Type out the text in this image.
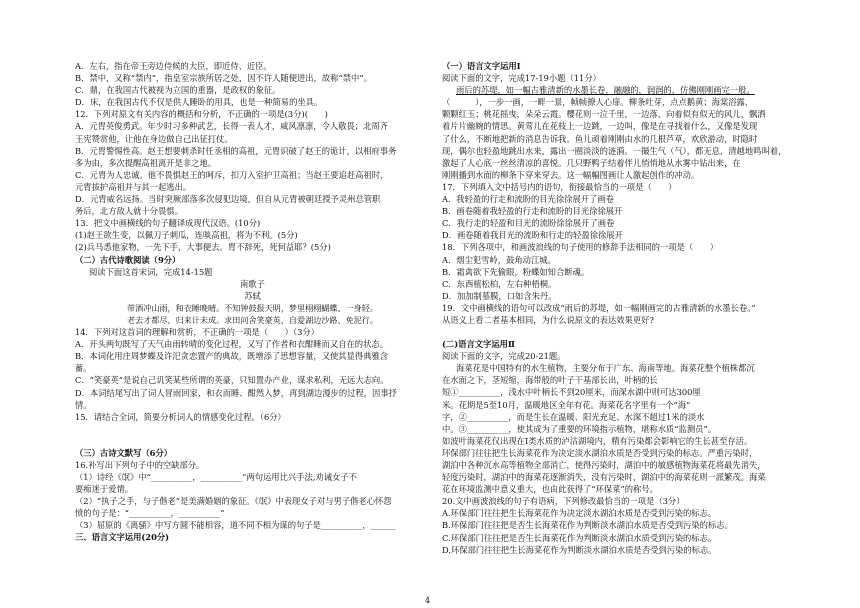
A．左右，指在帝王旁边侍候的大臣，即近侍、近臣。
B．禁中，又称“禁内”，指皇室宗族所居之处，因不许人随便进出，故称“禁中”。
C．鼎，在我国古代被视为立国的重器，是政权的象征。
D．床，在我国古代不仅是供人睡卧的用具，也是一种简易的坐具。
12．下列对原文有关内容的概括和分析，不正确的一项是(3分)(　　)
A．元胄英俊勇武。年少时习多种武艺，长得一表人才，威风凛凛，令人敬畏；北周齐
王宪赞赏他，让他在身边做自己出征打仗。
B．元胄警惕性高。赵王想要刺杀时任丞相的高祖，元胄识破了赵王的诡计，以相府事务
多为由，多次提醒高祖离开是非之地。
C．元胄为人忠诚。他不畏惧赵王的呵斥，扣刀入室护卫高祖；当赵王要追赶高祖时，
元胄拔护高祖并与其一起逃出。
D．元胄威名远扬。当时突厥部落多次侵犯边境，但自从元胄被朝廷授予灵州总管职
务后，北方敌人就十分畏惧。
13．把文中画横线的句子翻译成现代汉语。(10分)
(1)赵王欲生变，以佩刀子刺瓜，连啖高祖，将为不利。(5分)
(2)兵马悉他家物，一先下手，大事便去。胄不辞死，死何益耶？(5分)
（二）古代诗歌阅读（9分）
阅读下面这首宋词，完成14-15题
南歌子
苏轼
带酒冲山雨，和衣睡晚晴。不知钟鼓报天明，梦里栩栩蝴蝶、一身轻。
老去才都尽，归来计未成。求田问舍笑豪英，自爱湖边沙路、免泥行。
14．下列对这首词的理解和赏析，不正确的一项是（　　）（3分）
A．开头两句既写了天气由雨转晴的变化过程，又写了作者和衣酣睡而又自在的状态。
B．本词化用庄周梦蝶及许汜贪恋置产的典故，既增添了思想容量，又使其显得典雅含
蓄。
C．“笑豪英”是说自己讥笑某些所谓的英豪，只知置办产业，谋求私利，无远大志向。
D．本词结尾写出了词人冒雨回家、和衣而睡、酣然入梦，再到湖边漫步的过程，因事抒
情。
15．请结合全词，简要分析词人的情感变化过程。（6分）
（三）古诗文默写（6分）
16.补写出下列句子中的空缺部分。
（1）诗经《氓》中“__________，__________”两句运用比兴手法,劝诫女子不
要痴迷于爱情。
（2）“执子之手，与子偕老”是美满婚姻的象征。《氓》中表现女子对与男子偕老心怀怨
愤的句子是：“__________，__________”
（3）屈原的《离骚》中写方圆不能相容，道不同不相为谋的句子是__________，______
三、语言文字运用(20分)
（一）语言文字运用Ⅰ
阅读下面的文字，完成17-19小题（11分）
雨后的苏堤，如一幅古雅清新的水墨长卷，融融的，润润的，仿佛刚刚画完一般。
（　　　），一步一画，一畔一景，帧帧撩人心扉。柳条吐芽，点点鹅黄；海棠浴露，
颗颗红玉；桃花摇曳，朵朵云霞。樱花则一泣千里，一边落，向着似有似无的风儿，飘洒
着片片幽婉的情思。黄莺儿在花枝上一边跳，一边叫，像是在寻找着什么，又像是发现
了什么，不断地把新的消息告诉我。鱼儿顽着刚刚由水的几根芦草，欢欣游动，时隐时
现，偶尔也轻盈地跳出水来，露出一圈淡淡的涟漪。一撮生气（气），都无息，清越地鸣叫着，
激起了人心底一丝丝清凉的喜悦。几只野鸭子结着伴儿悄悄地从水雾中钻出来，在
刚刚播到水面的柳条下穿来穿去。这一幅幅图画让人激起创作的冲动。
17．下列填入文中括号内的语句，衔接最恰当的一项是（　　）
A．我轻盈的行走和流盼的目光徐徐展开了画卷
B．画卷随着我轻盈的行走和流盼的目光徐徐展开
C．我行走的轻盈和目光的流盼徐徐展开了画卷
D．画卷随着我目光的流盼和行走的轻盈徐徐展开
18．下列各项中，和画波浪线的句子使用的修辞手法相同的一项是（　　）
A．烟尘犯雪岭，鼓角动江城。
B．霜禽欲下先偷眼，粉蝶如知合断魂。
C．东西植松柏，左右种梧桐。
D．加加制墓膜，口如含朱丹。
19．文中画横线的语句可以改成“雨后的苏堤，如一幅刚画完的古雅清新的水墨长卷。”
从语义上看二者基本相同，为什么说原文的表达效果更好?
(二)语言文字运用Ⅱ
阅读下面的文字，完成20-21题。
海菜花是中国特有的水生植物，主要分布于广东、海南等地。海菜花整个植株都沉
在水面之下，茎短缩，海带般的叶子干基部长出，叶柄的长
短①__________，浅水中叶柄长不到20厘米，而深水湖中则可达300厘
米。花期是5至10月，温暖地区全年有花。海菜花名字里有一个“海”
字，②__________，而是生长在温暖、阳光充足、水深不超过1米的淡水
中。③__________，使其成为了重要的环境指示植物，堪称水质“监测员”。
如波叶海菜花仅出现在Ⅰ类水质的泸沽湖境内，精有污染都会影响它的生长甚至存活。
环保部门往往把生长海菜花作为决定淡水湖泊水质是否受到污染的标志。严重污染时，
湖泊中各种沉水高等植物全部消亡，使得污染时，湖泊中的敏感植物海菜花将最先消失，
轻度污染时，湖泊中的海菜花逐渐消失，没有污染时，湖泊中的海菜花则一派繁茂。海菜
花在环境监测中意义重大，也由此获得了“环保菜”的称号。
20.文中画波浪线的句子有语病，下列修改最恰当的一项是（3分）
A.环保部门往往把生长海菜花作为决定淡水湖泊水质是否受到污染的标志。
B.环保部门往往把是否生长海菜花作为判断淡水湖泊水质是否受到污染的标志。
C.环保部门往往把是否生长海菜花作为判断淡水湖泊水质受到污染的标志。
D.环保部门往往把生长海菜花作为判断淡水湖泊水质是否受到污染的标志。
4
